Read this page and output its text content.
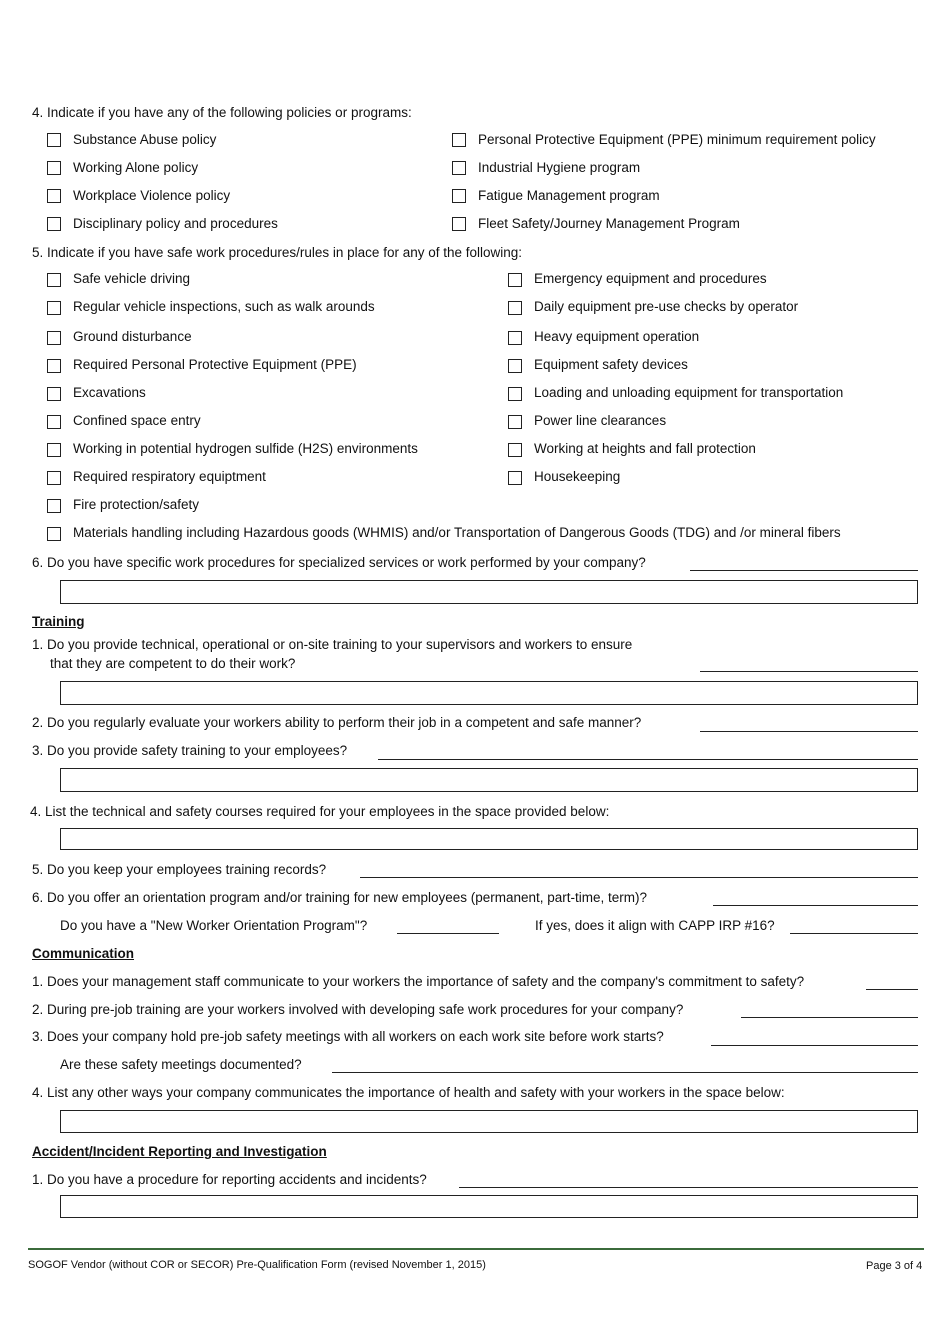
4. Indicate if you have any of the following policies or programs:
Substance Abuse policy
Working Alone policy
Workplace Violence policy
Disciplinary policy and procedures
Personal Protective Equipment (PPE) minimum requirement policy
Industrial Hygiene program
Fatigue Management program
Fleet Safety/Journey Management Program
5. Indicate if you have safe work procedures/rules in place for any of the following:
Safe vehicle driving
Regular vehicle inspections, such as walk arounds
Ground disturbance
Required Personal Protective Equipment (PPE)
Excavations
Confined space entry
Working in potential hydrogen sulfide (H2S) environments
Required respiratory equiptment
Fire protection/safety
Emergency equipment and procedures
Daily equipment pre-use checks by operator
Heavy equipment operation
Equipment safety devices
Loading and unloading equipment for transportation
Power line clearances
Working at heights and fall protection
Housekeeping
Materials handling including Hazardous goods (WHMIS) and/or Transportation of Dangerous Goods (TDG) and /or mineral fibers
6. Do you have specific work procedures for specialized services or work performed by your company?
Training
1. Do you provide technical, operational or on-site training to your supervisors and workers to ensure
that they are competent to do their work?
2. Do you regularly evaluate your workers ability to perform their job in a competent and safe manner?
3. Do you provide safety training to your employees?
4. List the technical and safety courses required for your employees in the space provided below:
5. Do you keep your employees training records?
6. Do you offer an orientation program and/or training for new employees (permanent, part-time, term)?
Do you have a "New Worker Orientation Program"?	If yes, does it align with CAPP IRP #16?
Communication
1. Does your management staff communicate to your workers the importance of safety and the company's commitment to safety?
2. During pre-job training are your workers involved with developing safe work procedures for your company?
3. Does your company hold pre-job safety meetings with all workers on each work site before work starts?
Are these safety meetings documented?
4. List any other ways your company communicates the importance of health and safety with your workers in the space below:
Accident/Incident Reporting and Investigation
1. Do you have a procedure for reporting accidents and incidents?
SOGOF Vendor (without COR or SECOR) Pre-Qualification Form (revised November 1, 2015)	Page 3 of 4
